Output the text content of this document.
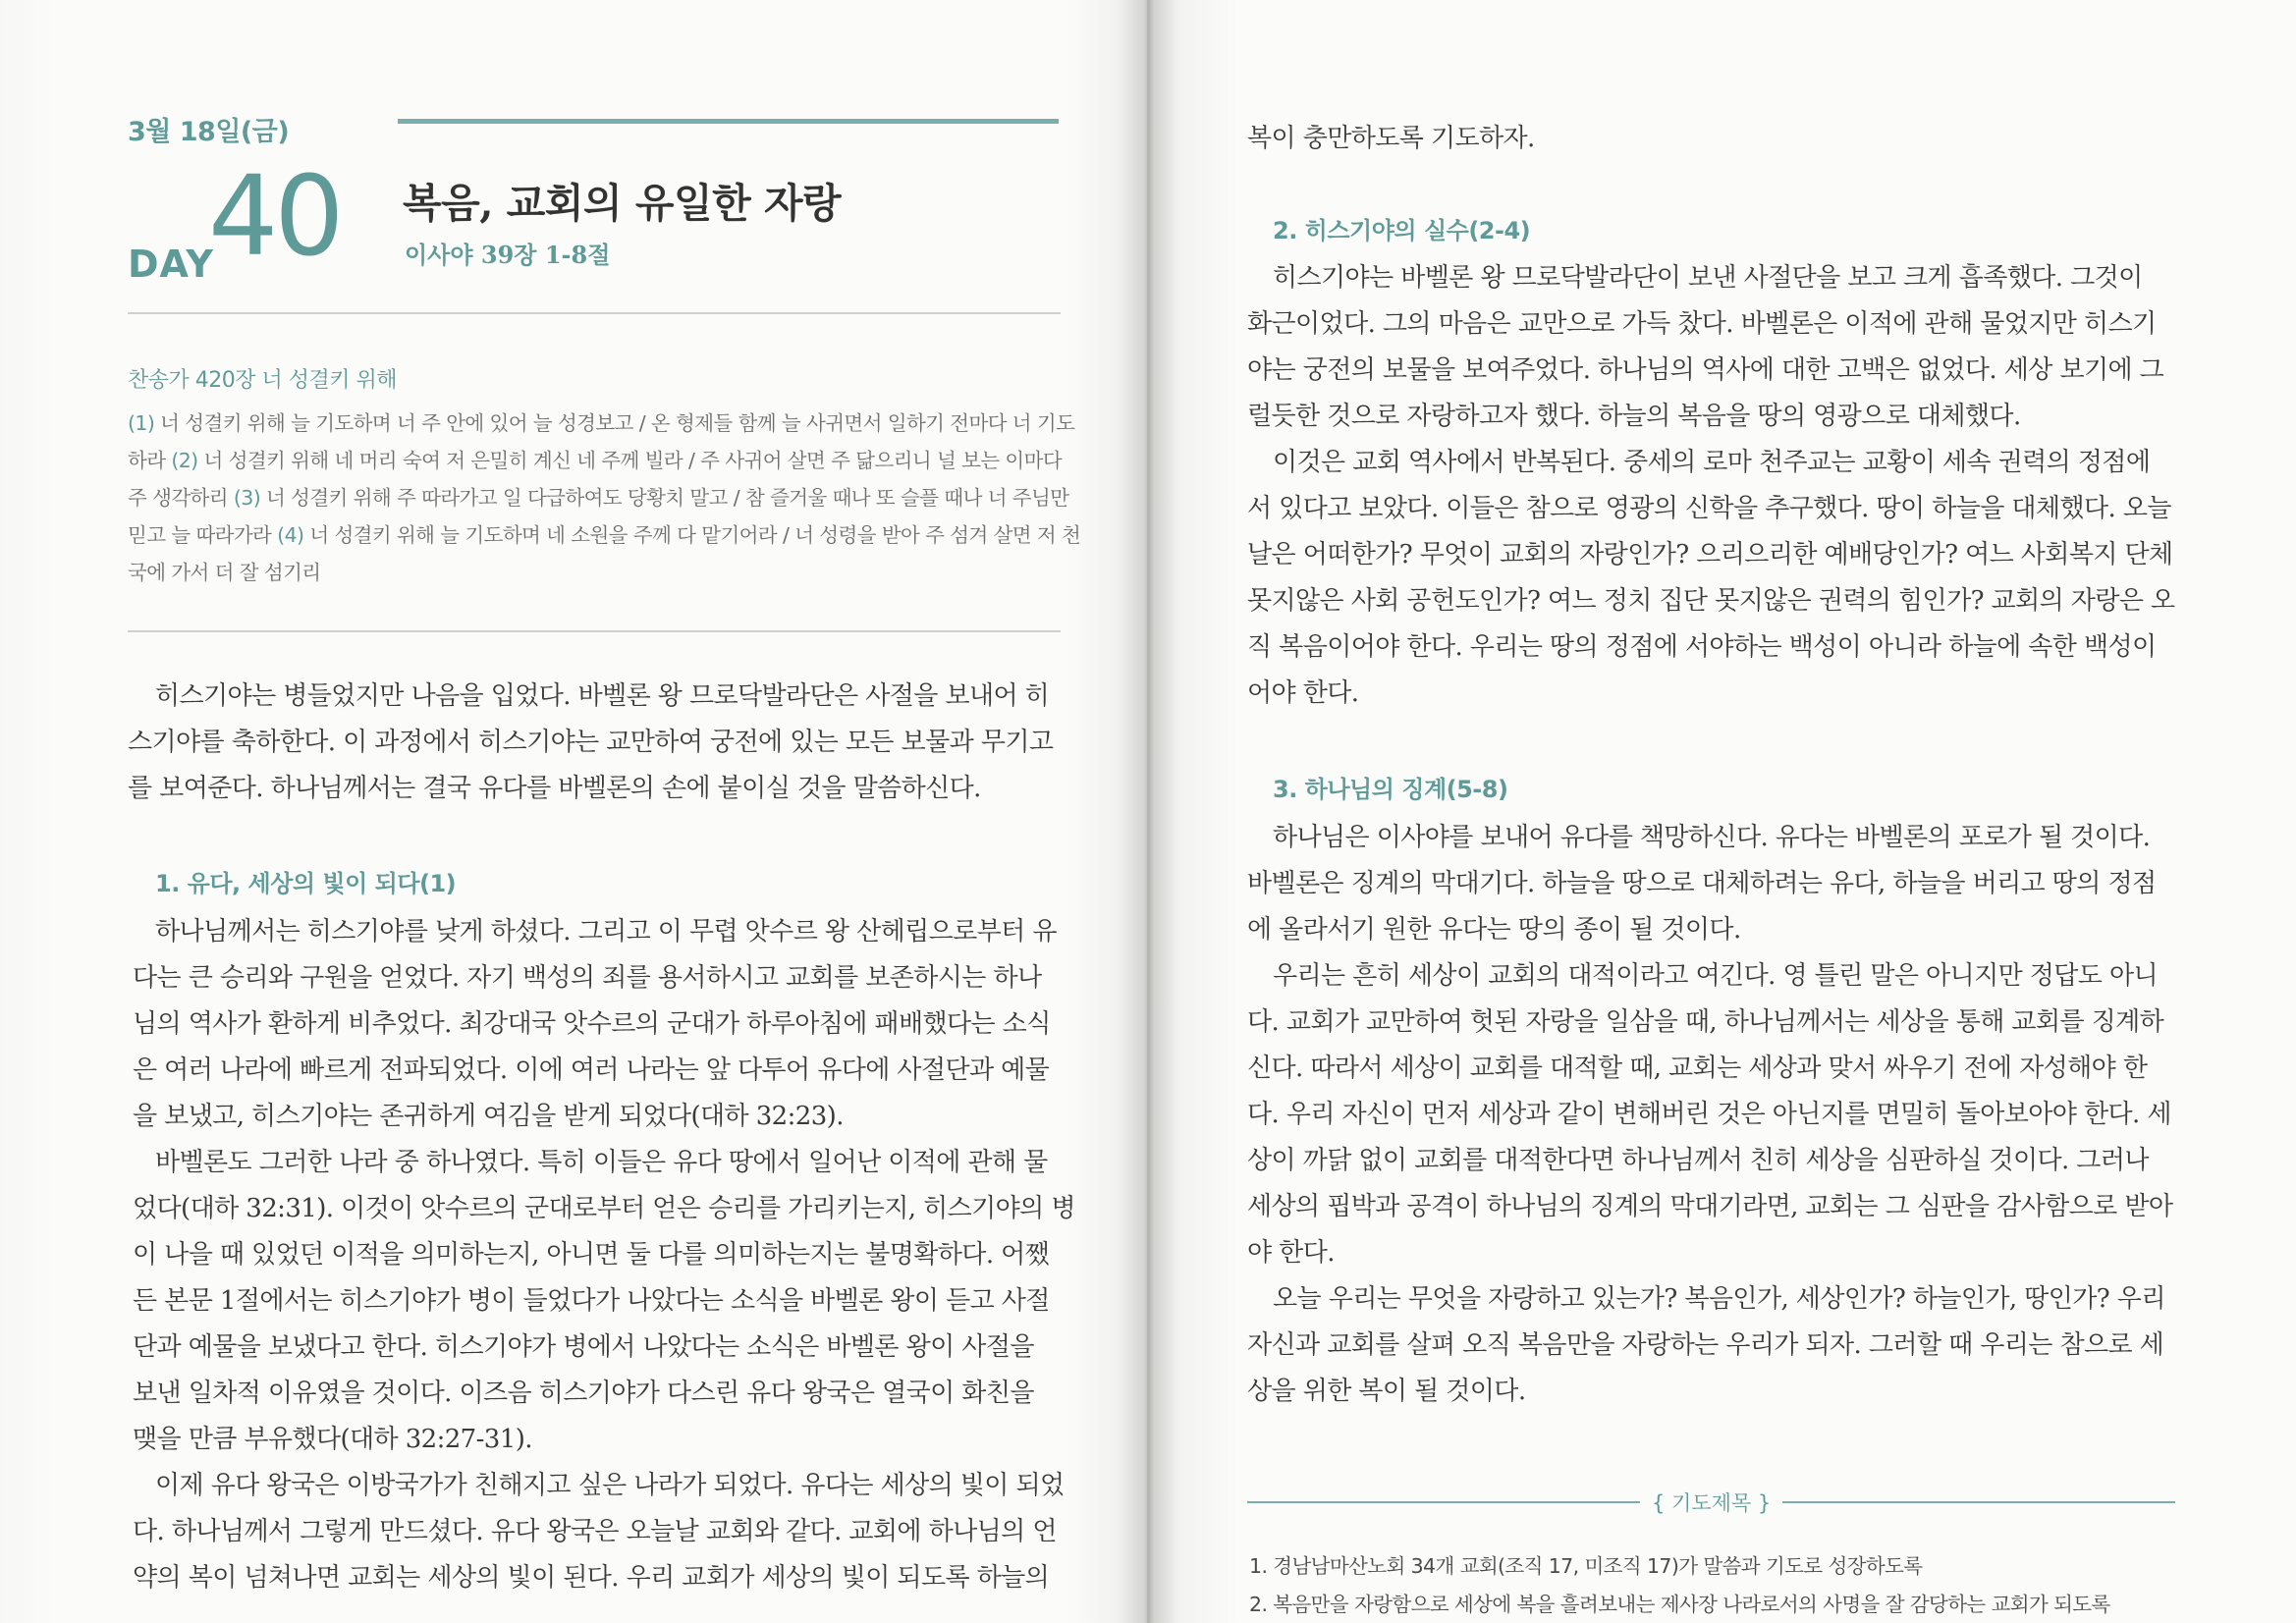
3월 18일(금)
DAY
40 복음, 교회의 유일한 자랑
이사야 39장 1-8절
찬송가 420장 너 성결키 위해
(1) 너 성결키 위해 늘 기도하며 너 주 안에 있어 늘 성경보고 / 온 형제들 함께 늘 사귀면서 일하기 전마다 너 기도
하라 (2) 너 성결키 위해 네 머리 숙여 저 은밀히 계신 네 주께 빌라 / 주 사귀어 살면 주 닮으리니 널 보는 이마다
주 생각하리 (3) 너 성결키 위해 주 따라가고 일 다급하여도 당황치 말고 / 참 즐거울 때나 또 슬플 때나 너 주님만
믿고 늘 따라가라 (4) 너 성결키 위해 늘 기도하며 네 소원을 주께 다 맡기어라 / 너 성령을 받아 주 섬겨 살면 저 천
국에 가서 더 잘 섬기리
히스기야는 병들었지만 나음을 입었다. 바벨론 왕 므로닥발라단은 사절을 보내어 히
스기야를 축하한다. 이 과정에서 히스기야는 교만하여 궁전에 있는 모든 보물과 무기고
를 보여준다. 하나님께서는 결국 유다를 바벨론의 손에 붙이실 것을 말씀하신다.
1. 유다, 세상의 빛이 되다(1)
하나님께서는 히스기야를 낮게 하셨다. 그리고 이 무렵 앗수르 왕 산헤립으로부터 유
다는 큰 승리와 구원을 얻었다. 자기 백성의 죄를 용서하시고 교회를 보존하시는 하나
님의 역사가 환하게 비추었다. 최강대국 앗수르의 군대가 하루아침에 패배했다는 소식
은 여러 나라에 빠르게 전파되었다. 이에 여러 나라는 앞 다투어 유다에 사절단과 예물
을 보냈고, 히스기야는 존귀하게 여김을 받게 되었다(대하 32:23).
바벨론도 그러한 나라 중 하나였다. 특히 이들은 유다 땅에서 일어난 이적에 관해 물
었다(대하 32:31). 이것이 앗수르의 군대로부터 얻은 승리를 가리키는지, 히스기야의 병
이 나을 때 있었던 이적을 의미하는지, 아니면 둘 다를 의미하는지는 불명확하다. 어쨌
든 본문 1절에서는 히스기야가 병이 들었다가 나았다는 소식을 바벨론 왕이 듣고 사절
단과 예물을 보냈다고 한다. 히스기야가 병에서 나았다는 소식은 바벨론 왕이 사절을
보낸 일차적 이유였을 것이다. 이즈음 히스기야가 다스린 유다 왕국은 열국이 화친을
맺을 만큼 부유했다(대하 32:27-31).
이제 유다 왕국은 이방국가가 친해지고 싶은 나라가 되었다. 유다는 세상의 빛이 되었
다. 하나님께서 그렇게 만드셨다. 유다 왕국은 오늘날 교회와 같다. 교회에 하나님의 언
약의 복이 넘쳐나면 교회는 세상의 빛이 된다. 우리 교회가 세상의 빛이 되도록 하늘의
복이 충만하도록 기도하자.
2. 히스기야의 실수(2-4)
히스기야는 바벨론 왕 므로닥발라단이 보낸 사절단을 보고 크게 흡족했다. 그것이
화근이었다. 그의 마음은 교만으로 가득 찼다. 바벨론은 이적에 관해 물었지만 히스기
야는 궁전의 보물을 보여주었다. 하나님의 역사에 대한 고백은 없었다. 세상 보기에 그
럴듯한 것으로 자랑하고자 했다. 하늘의 복음을 땅의 영광으로 대체했다.
이것은 교회 역사에서 반복된다. 중세의 로마 천주교는 교황이 세속 권력의 정점에
서 있다고 보았다. 이들은 참으로 영광의 신학을 추구했다. 땅이 하늘을 대체했다. 오늘
날은 어떠한가? 무엇이 교회의 자랑인가? 으리으리한 예배당인가? 여느 사회복지 단체
못지않은 사회 공헌도인가? 여느 정치 집단 못지않은 권력의 힘인가? 교회의 자랑은 오
직 복음이어야 한다. 우리는 땅의 정점에 서야하는 백성이 아니라 하늘에 속한 백성이
어야 한다.
3. 하나님의 징계(5-8)
하나님은 이사야를 보내어 유다를 책망하신다. 유다는 바벨론의 포로가 될 것이다.
바벨론은 징계의 막대기다. 하늘을 땅으로 대체하려는 유다, 하늘을 버리고 땅의 정점
에 올라서기 원한 유다는 땅의 종이 될 것이다.
우리는 흔히 세상이 교회의 대적이라고 여긴다. 영 틀린 말은 아니지만 정답도 아니
다. 교회가 교만하여 헛된 자랑을 일삼을 때, 하나님께서는 세상을 통해 교회를 징계하
신다. 따라서 세상이 교회를 대적할 때, 교회는 세상과 맞서 싸우기 전에 자성해야 한
다. 우리 자신이 먼저 세상과 같이 변해버린 것은 아닌지를 면밀히 돌아보아야 한다. 세
상이 까닭 없이 교회를 대적한다면 하나님께서 친히 세상을 심판하실 것이다. 그러나
세상의 핍박과 공격이 하나님의 징계의 막대기라면, 교회는 그 심판을 감사함으로 받아
야 한다.
오늘 우리는 무엇을 자랑하고 있는가? 복음인가, 세상인가? 하늘인가, 땅인가? 우리
자신과 교회를 살펴 오직 복음만을 자랑하는 우리가 되자. 그러할 때 우리는 참으로 세
상을 위한 복이 될 것이다.
{ 기도제목 }
1. 경남남마산노회 34개 교회(조직 17, 미조직 17)가 말씀과 기도로 성장하도록
2. 복음만을 자랑함으로 세상에 복을 흘려보내는 제사장 나라로서의 사명을 잘 감당하는 교회가 되도록
